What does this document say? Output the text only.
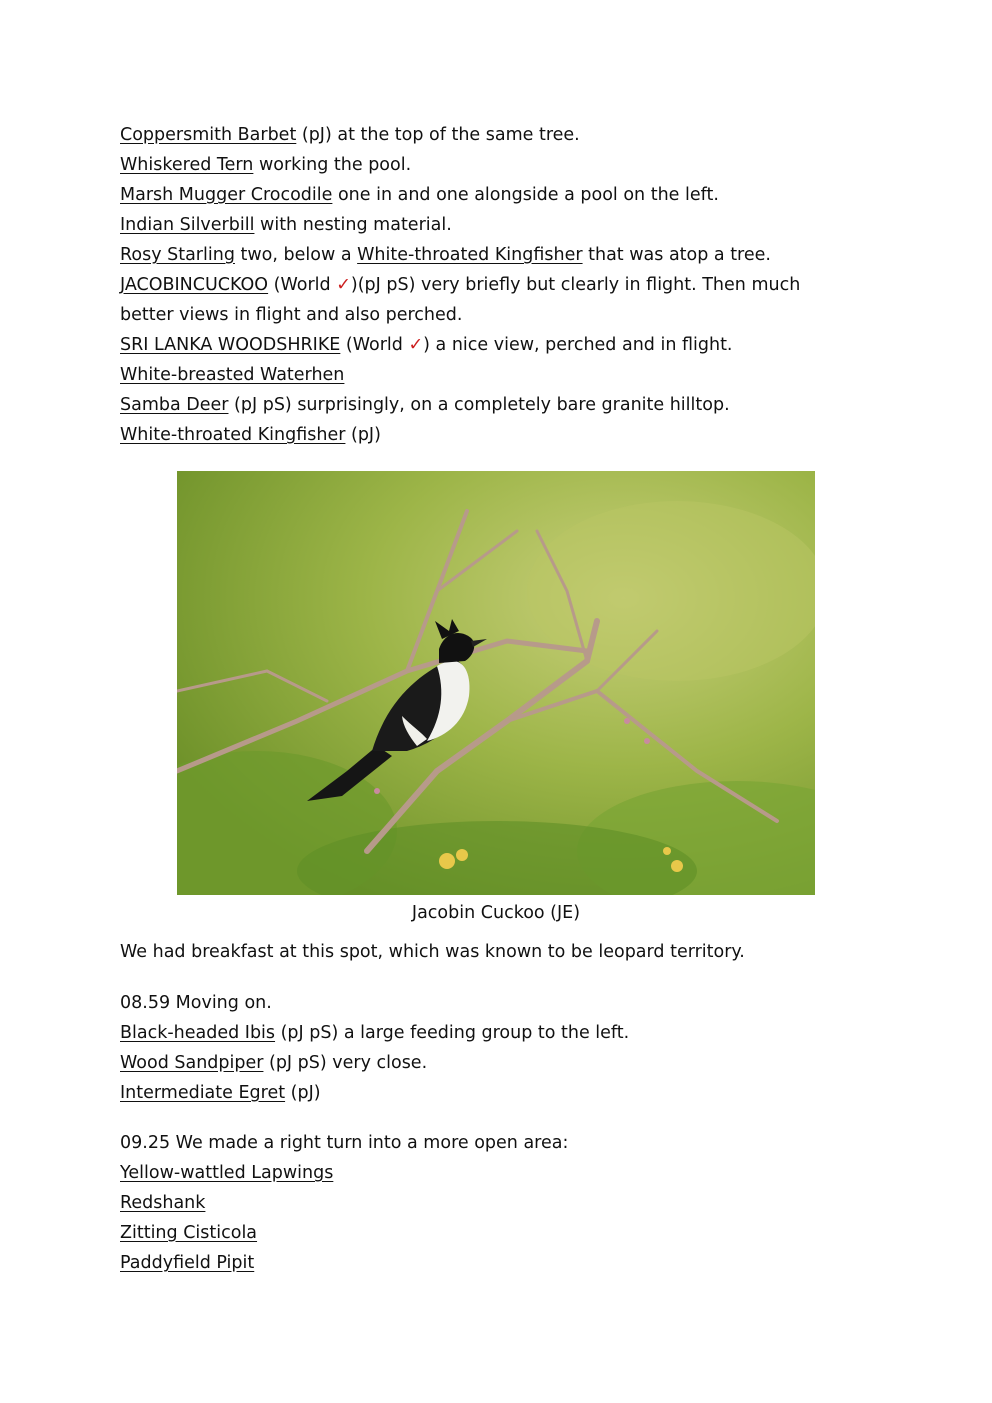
Coppersmith Barbet (pJ) at the top of the same tree.
Whiskered Tern working the pool.
Marsh Mugger Crocodile one in and one alongside a pool on the left.
Indian Silverbill with nesting material.
Rosy Starling two, below a White-throated Kingfisher that was atop a tree.
JACOBINCUCKOO (World ✓)(pJ pS) very briefly but clearly in flight. Then much
better views in flight and also perched.
SRI LANKA WOODSHRIKE (World ✓) a nice view, perched and in flight.
White-breasted Waterhen
Samba Deer (pJ pS) surprisingly, on a completely bare granite hilltop.
White-throated Kingfisher (pJ)
Jacobin Cuckoo (JE)
We had breakfast at this spot, which was known to be leopard territory.
08.59 Moving on.
Black-headed Ibis (pJ pS) a large feeding group to the left.
Wood Sandpiper (pJ pS) very close.
Intermediate Egret (pJ)
09.25 We made a right turn into a more open area:
Yellow-wattled Lapwings
Redshank
Zitting Cisticola
Paddyfield Pipit
